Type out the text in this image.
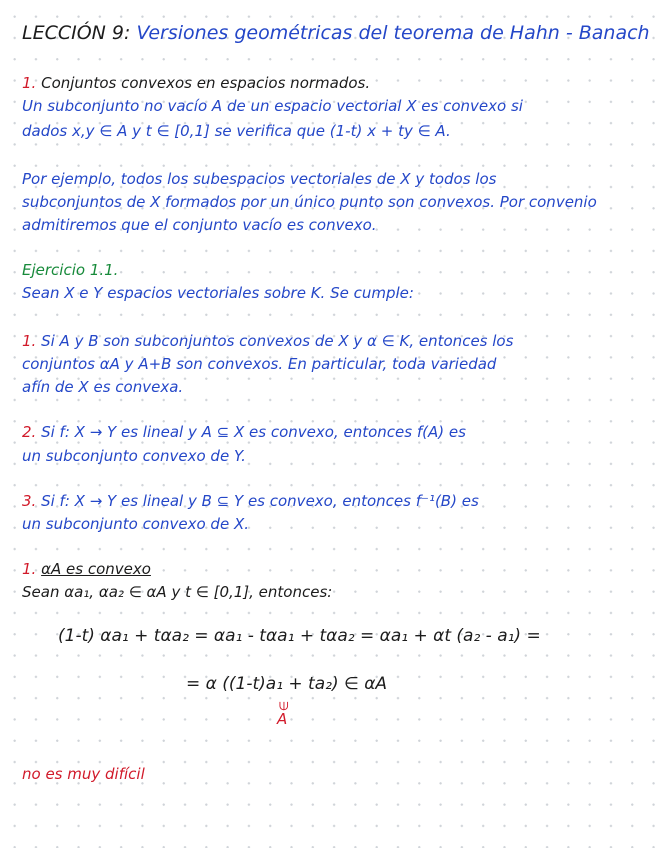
LECCIÓN 9: Versiones geométricas del teorema de Hahn - Banach
1. Conjuntos convexos en espacios normados.
Un subconjunto no vacío A de un espacio vectorial X es convexo si
dados x,y ∈ A y t ∈ [0,1] se verifica que (1-t) x + ty ∈ A.
Por ejemplo, todos los subespacios vectoriales de X y todos los
subconjuntos de X formados por un único punto son convexos. Por convenio
admitiremos que el conjunto vacío es convexo.
Ejercicio 1.1.
Sean X e Y espacios vectoriales sobre K. Se cumple:
1. Si A y B son subconjuntos convexos de X y α ∈ K, entonces los
conjuntos αA y A+B son convexos. En particular, toda variedad
afín de X es convexa.
2. Si f: X → Y es lineal y A ⊆ X es convexo, entonces f(A) es
un subconjunto convexo de Y.
3. Si f: X → Y es lineal y B ⊆ Y es convexo, entonces f⁻¹(B) es
un subconjunto convexo de X.
1. αA es convexo
Sean αa₁, αa₂ ∈ αA y t ∈ [0,1], entonces:
(1-t) αa₁ + tαa₂ = αa₁ - tαa₁ + tαa₂ = αa₁ + αt (a₂ - a₁) =
= α ((1-t)a₁ + ta₂) ∈ αA
∈
A
no es muy difícil
